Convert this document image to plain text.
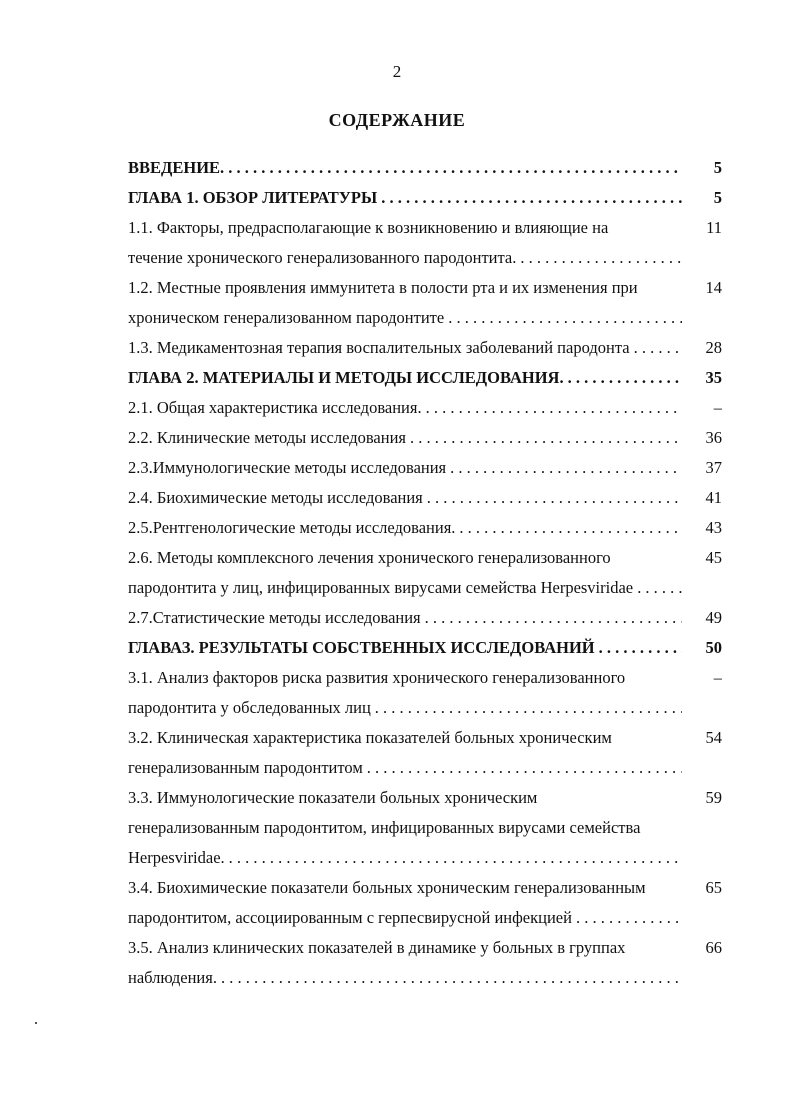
2
СОДЕРЖАНИЕ
ВВЕДЕНИЕ. . . .	5
ГЛАВА 1. ОБЗОР ЛИТЕРАТУРЫ . . .	5
1.1. Факторы, предрасполагающие к возникновению и влияющие на	11
течение хронического генерализованного пародонтита.
. . .
1.2. Местные проявления иммунитета в полости рта и их изменения при	14
хроническом генерализованном пародонтите
. . .
1.3. Медикаментозная терапия воспалительных заболеваний пародонта . . .	28
ГЛАВА 2. МАТЕРИАЛЫ И МЕТОДЫ ИССЛЕДОВАНИЯ. . . .	35
2.1. Общая характеристика исследования. . . .	–
2.2. Клинические методы исследования . . .	36
2.3.Иммунологические методы исследования . . .	37
2.4. Биохимические методы исследования . . .	41
2.5.Рентгенологические методы исследования. . . .	43
2.6. Методы комплексного лечения хронического генерализованного	45
пародонтита у лиц, инфицированных вирусами семейства Herpesviridae .
. . .
2.7.Статистические методы исследования . . .	49
ГЛАВАЗ. РЕЗУЛЬТАТЫ СОБСТВЕННЫХ ИССЛЕДОВАНИЙ . . .	50
3.1. Анализ факторов риска развития хронического генерализованного	–
пародонтита у обследованных лиц
. . .
3.2. Клиническая характеристика показателей больных хроническим	54
генерализованным пародонтитом
. . .
3.3. Иммунологические показатели больных хроническим	59
генерализованным пародонтитом, инфицированных вирусами семейства
Herpesviridae.
. . .
3.4. Биохимические показатели больных хроническим генерализованным	65
пародонтитом, ассоциированным с герпесвирусной инфекцией
. . .
3.5. Анализ клинических показателей в динамике у больных в группах	66
наблюдения.
. . .
